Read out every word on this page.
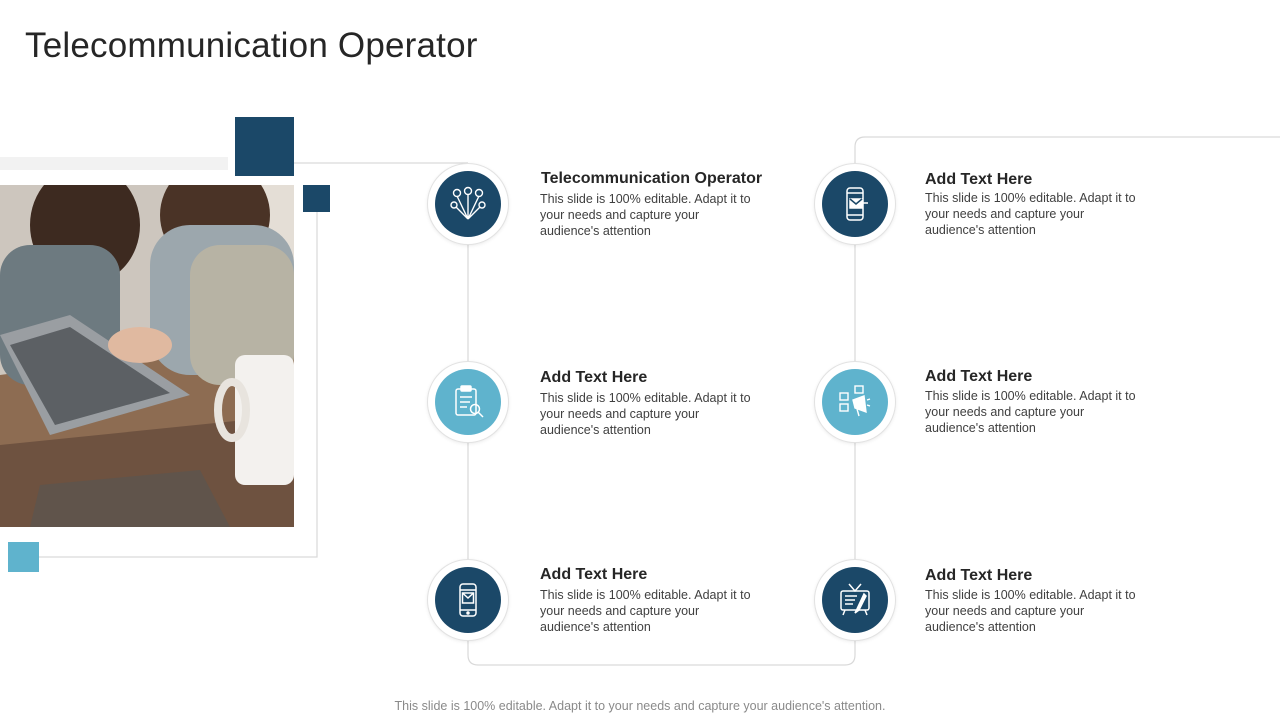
Telecommunication Operator
Telecommunication Operator
This slide is 100% editable. Adapt it to your needs and capture your audience's attention
Add Text Here
This slide is 100% editable. Adapt it to your needs and capture your audience's attention
Add Text Here
This slide is 100% editable. Adapt it to your needs and capture your audience's attention
Add Text Here
This slide is 100% editable. Adapt it to your needs and capture your audience's attention
Add Text Here
This slide is 100% editable. Adapt it to your needs and capture your audience's attention
Add Text Here
This slide is 100% editable. Adapt it to your needs and capture your audience's attention
This slide is 100% editable. Adapt it to your needs and capture your audience's attention.
